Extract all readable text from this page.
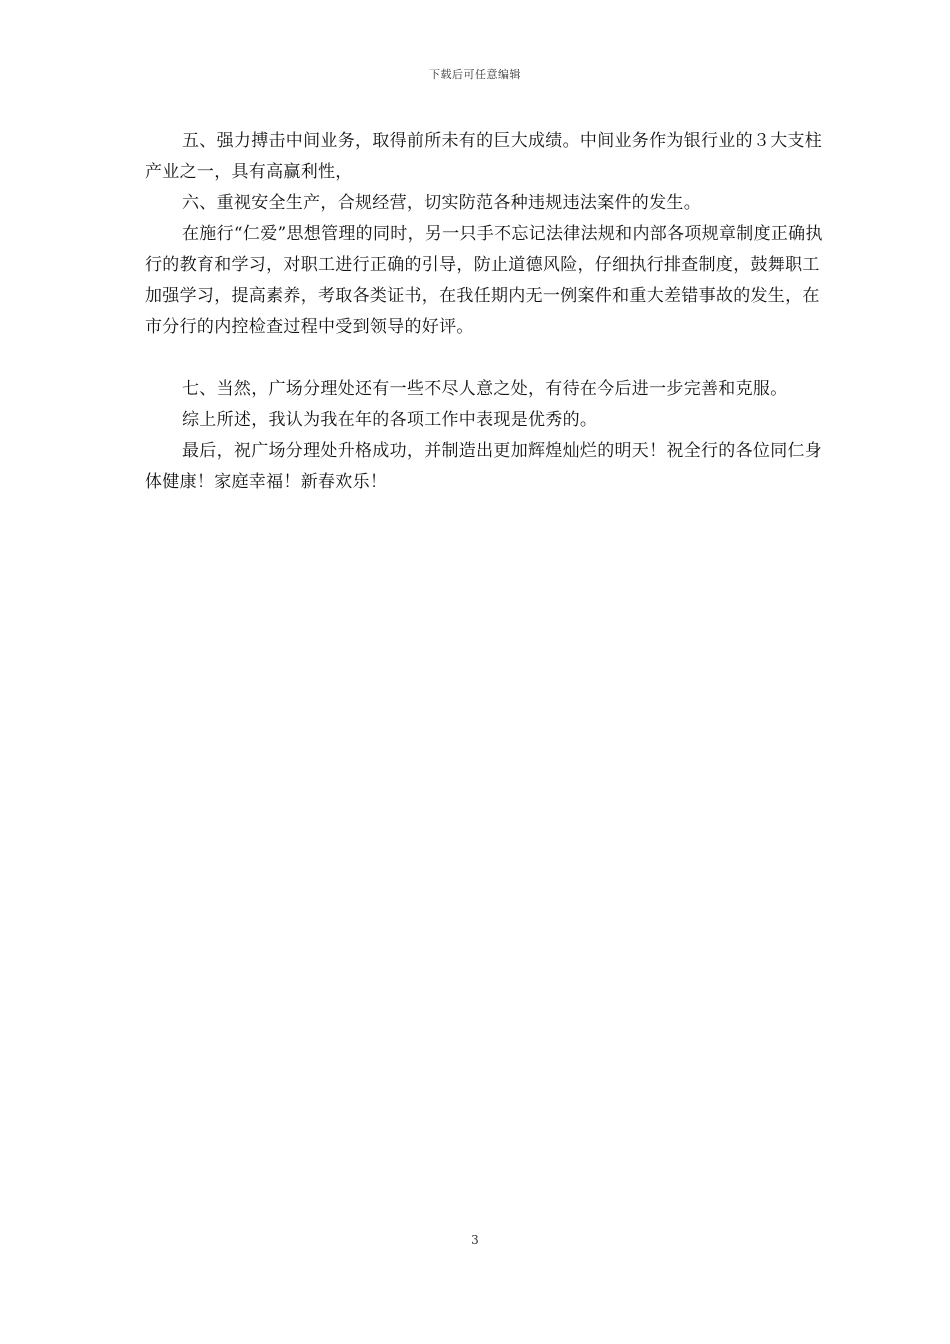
下载后可任意编辑

五、强力搏击中间业务，取得前所未有的巨大成绩。中间业务作为银行业的３大支柱产业之一，具有高赢利性，

六、重视安全生产，合规经营，切实防范各种违规违法案件的发生。

在施行“仁爱”思想管理的同时，另一只手不忘记法律法规和内部各项规章制度正确执行的教育和学习，对职工进行正确的引导，防止道德风险，仔细执行排查制度，鼓舞职工加强学习，提高素养，考取各类证书，在我任期内无一例案件和重大差错事故的发生，在市分行的内控检查过程中受到领导的好评。

七、当然，广场分理处还有一些不尽人意之处，有待在今后进一步完善和克服。

综上所述，我认为我在年的各项工作中表现是优秀的。

最后，祝广场分理处升格成功，并制造出更加辉煌灿烂的明天！祝全行的各位同仁身体健康！家庭幸福！新春欢乐！

3
